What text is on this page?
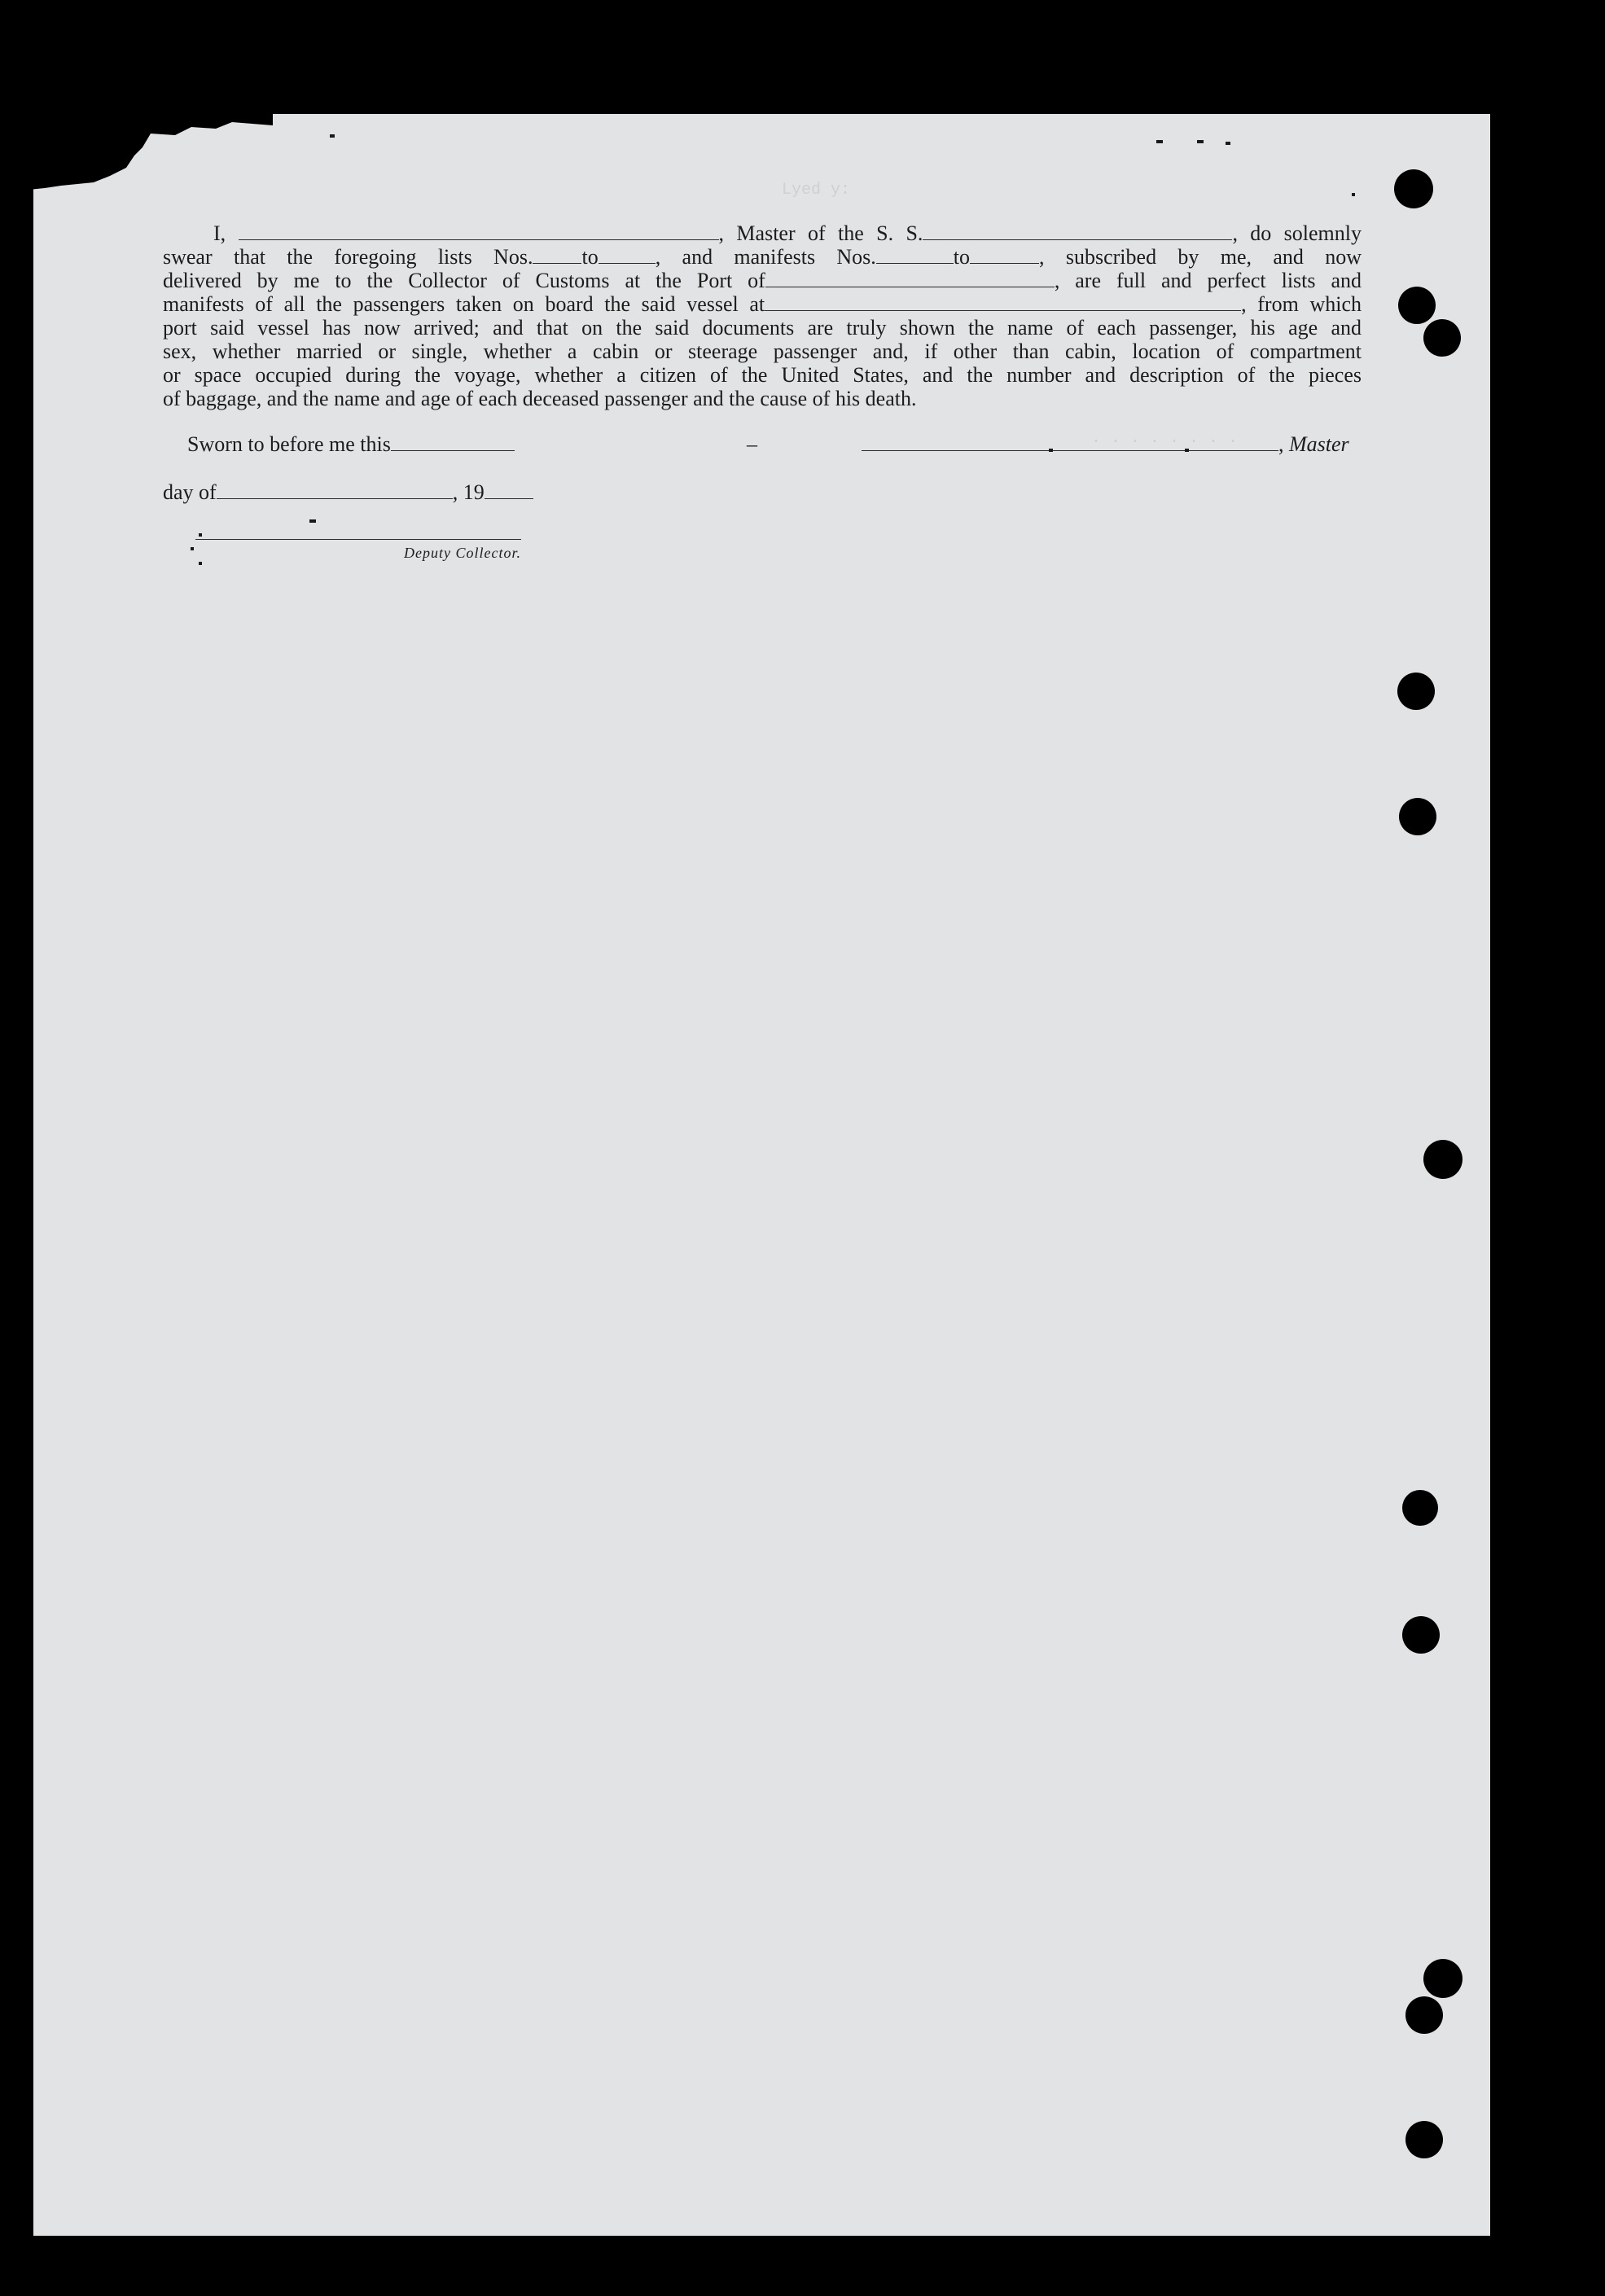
I,	, Master of the S. S.	, do solemnly
swear that the foregoing lists Nos. to	, and manifests Nos.	to	, subscribed by me, and now
delivered by me to the Collector of Customs at the Port of	, are full and perfect lists and
manifests of all the passengers taken on board the said vessel at	, from which
port said vessel has now arrived; and that on the said documents are truly shown the name of each passenger, his age and
sex, whether married or single, whether a cabin or steerage passenger and, if other than cabin, location of compartment
or space occupied during the voyage, whether a citizen of the United States, and the number and description of the pieces
of baggage, and the name and age of each deceased passenger and the cause of his death.
Sworn to before me this	–	, Master
day of	, 19
Deputy Collector.
Lyed y:
. . . . . . . .
